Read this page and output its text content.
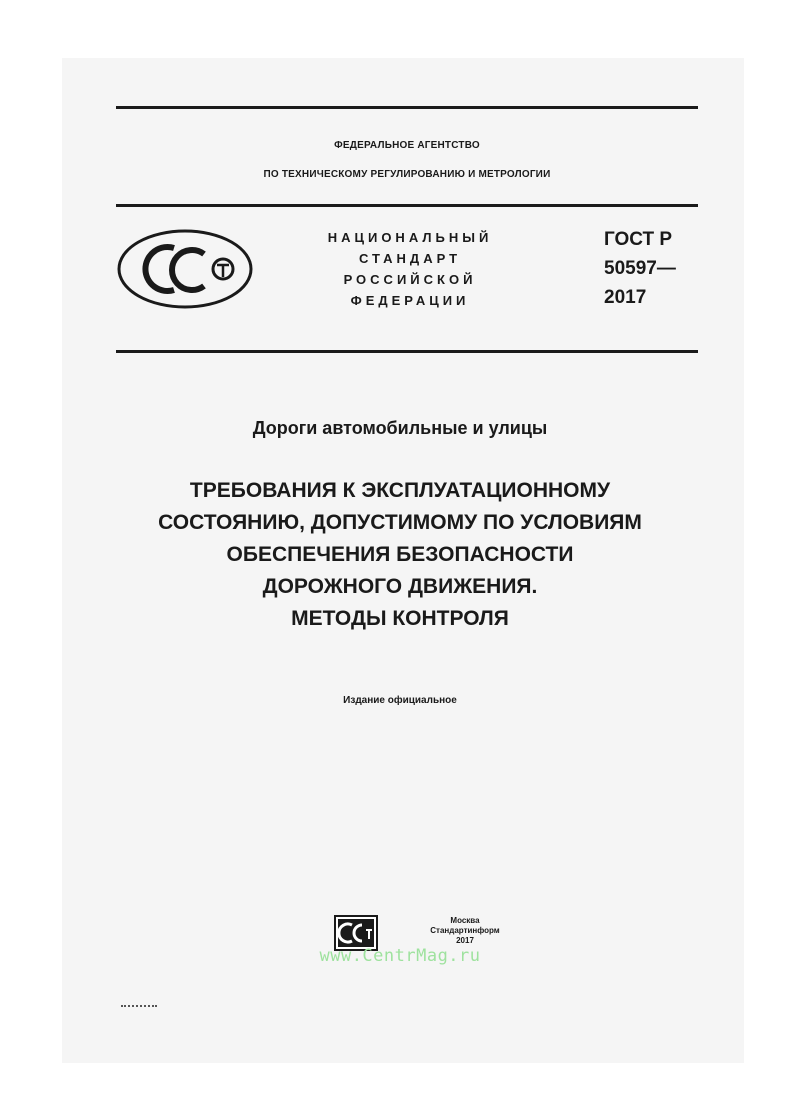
ФЕДЕРАЛЬНОЕ АГЕНТСТВО
ПО ТЕХНИЧЕСКОМУ РЕГУЛИРОВАНИЮ И МЕТРОЛОГИИ
НАЦИОНАЛЬНЫЙ
СТАНДАРТ
РОССИЙСКОЙ
ФЕДЕРАЦИИ
ГОСТ Р
50597—
2017
Дороги автомобильные и улицы
ТРЕБОВАНИЯ К ЭКСПЛУАТАЦИОННОМУ
СОСТОЯНИЮ, ДОПУСТИМОМУ ПО УСЛОВИЯМ
ОБЕСПЕЧЕНИЯ БЕЗОПАСНОСТИ
ДОРОЖНОГО ДВИЖЕНИЯ.
МЕТОДЫ КОНТРОЛЯ
Издание официальное
Москва
Стандартинформ
2017
www.CentrMag.ru
